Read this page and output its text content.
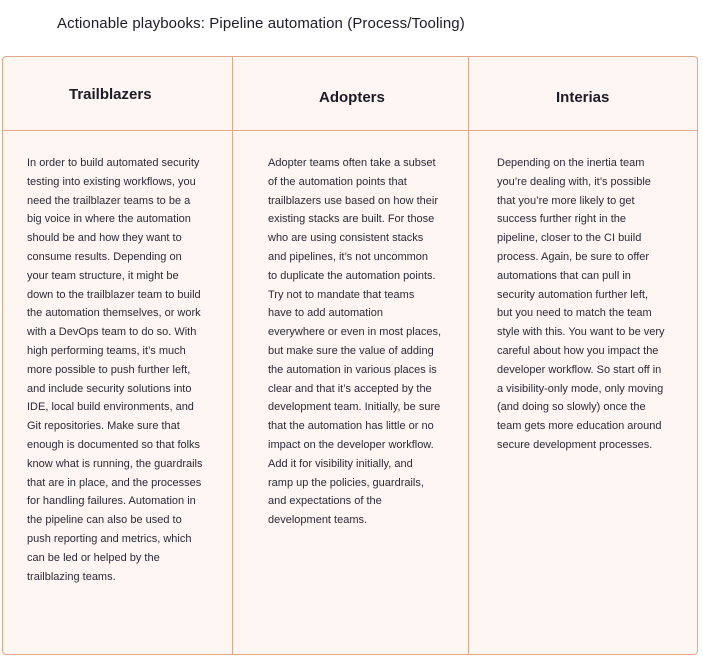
Actionable playbooks: Pipeline automation (Process/Tooling)
Trailblazers	Adopters	Interias
In order to build automated security
testing into existing workflows, you
need the trailblazer teams to be a
big voice in where the automation
should be and how they want to
consume results. Depending on
your team structure, it might be
down to the trailblazer team to build
the automation themselves, or work
with a DevOps team to do so. With
high performing teams, it’s much
more possible to push further left,
and include security solutions into
IDE, local build environments, and
Git repositories. Make sure that
enough is documented so that folks
know what is running, the guardrails
that are in place, and the processes
for handling failures. Automation in
the pipeline can also be used to
push reporting and metrics, which
can be led or helped by the
trailblazing teams.
Adopter teams often take a subset
of the automation points that
trailblazers use based on how their
existing stacks are built. For those
who are using consistent stacks
and pipelines, it’s not uncommon
to duplicate the automation points.
Try not to mandate that teams
have to add automation
everywhere or even in most places,
but make sure the value of adding
the automation in various places is
clear and that it’s accepted by the
development team. Initially, be sure
that the automation has little or no
impact on the developer workflow.
Add it for visibility initially, and
ramp up the policies, guardrails,
and expectations of the
development teams.
Depending on the inertia team
you’re dealing with, it’s possible
that you’re more likely to get
success further right in the
pipeline, closer to the CI build
process. Again, be sure to offer
automations that can pull in
security automation further left,
but you need to match the team
style with this. You want to be very
careful about how you impact the
developer workflow. So start off in
a visibility-only mode, only moving
(and doing so slowly) once the
team gets more education around
secure development processes.
